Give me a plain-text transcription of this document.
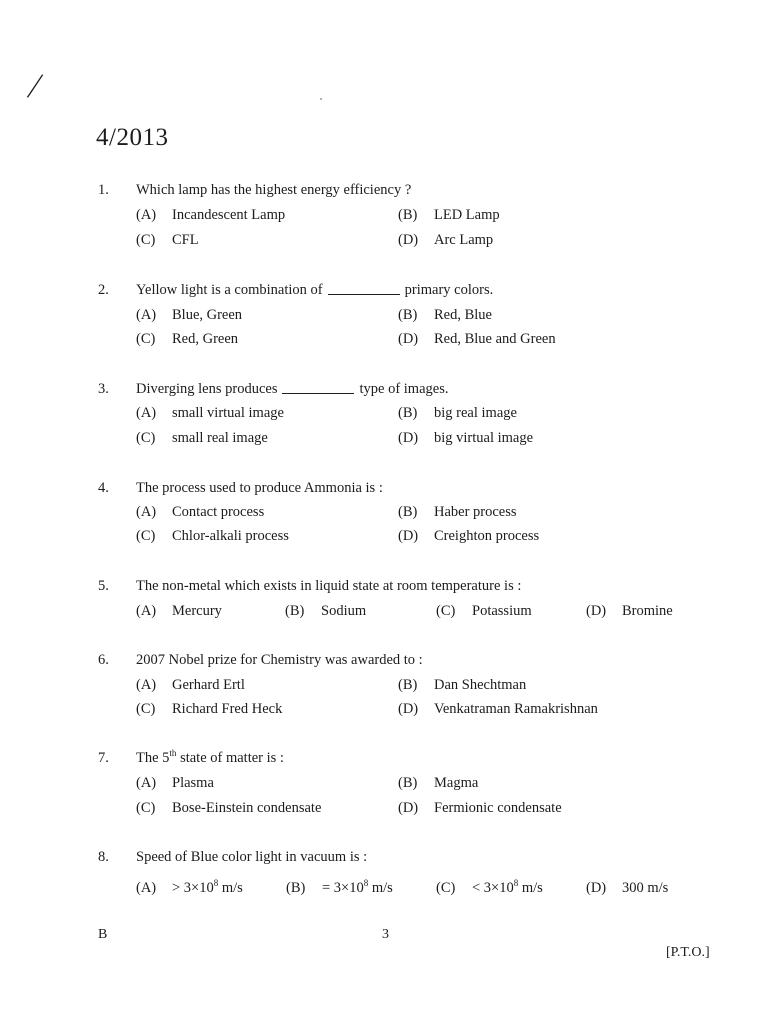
/
4/2013
1. Which lamp has the highest energy efficiency ?
(A) Incandescent Lamp	(B) LED Lamp
(C) CFL	(D) Arc Lamp
2. Yellow light is a combination of	primary colors.
(A) Blue, Green	(B) Red, Blue
(C) Red, Green	(D) Red, Blue and Green
3. Diverging lens produces	type of images.
(A) small virtual image	(B) big real image
(C) small real image	(D) big virtual image
4. The process used to produce Ammonia is :
(A) Contact process	(B) Haber process
(C) Chlor-alkali process	(D) Creighton process
5. The non-metal which exists in liquid state at room temperature is :
(A) Mercury	(B) Sodium	(C) Potassium	(D) Bromine
6. 2007 Nobel prize for Chemistry was awarded to :
(A) Gerhard Ertl	(B) Dan Shechtman
(C) Richard Fred Heck	(D) Venkatraman Ramakrishnan
7. The 5th state of matter is :
(A) Plasma	(B) Magma
(C) Bose-Einstein condensate	(D) Fermionic condensate
8. Speed of Blue color light in vacuum is :
$(A) > 3\times 10^8$ m/s	$(B) = 3\times 10^8$ m/s	$(C) < 3\times 10^8$ m/s	(D) 300 m/s
B	3
[P.T.O.]
